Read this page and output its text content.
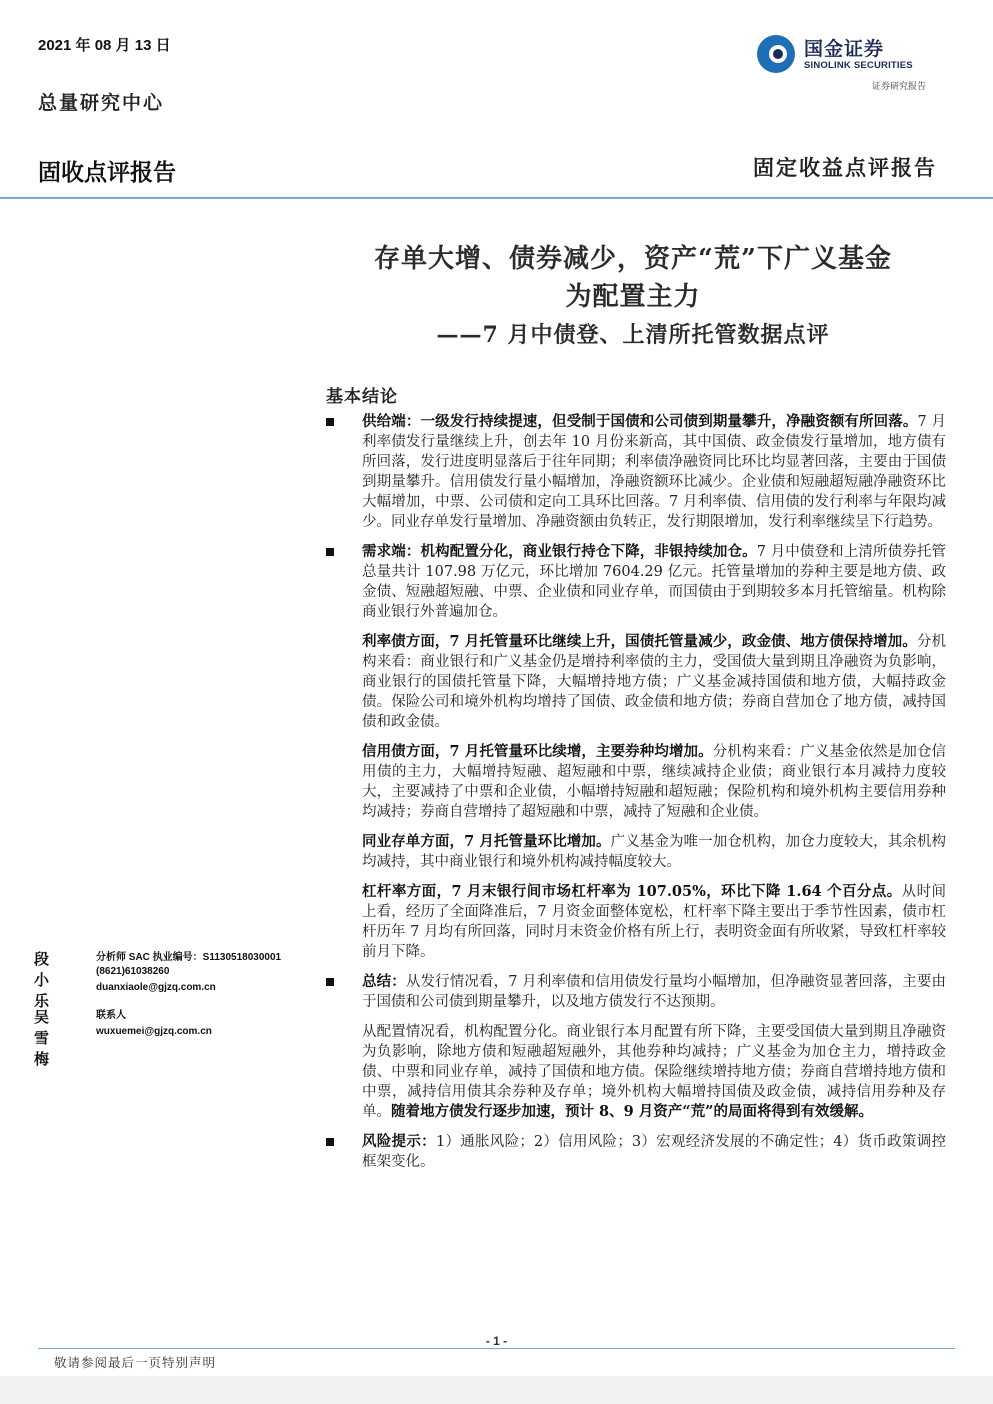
2021 年 08 月 13 日
总量研究中心
国金证券
SINOLINK SECURITIES
证券研究报告
固收点评报告	固定收益点评报告
存单大增、债券减少，资产“荒”下广义基金
为配置主力
——7 月中债登、上清所托管数据点评
基本结论
供给端：一级发行持续提速，但受制于国债和公司债到期量攀升，净融资额有所回落。7 月利率债发行量继续上升，创去年 10 月份来新高，其中国债、政金债发行量增加，地方债有所回落，发行进度明显落后于往年同期；利率债净融资同比环比均显著回落，主要由于国债到期量攀升。信用债发行量小幅增加，净融资额环比减少。企业债和短融超短融净融资环比大幅增加，中票、公司债和定向工具环比回落。7 月利率债、信用债的发行利率与年限均减少。同业存单发行量增加、净融资额由负转正，发行期限增加，发行利率继续呈下行趋势。
需求端：机构配置分化，商业银行持仓下降，非银持续加仓。7 月中债登和上清所债券托管总量共计 107.98 万亿元，环比增加 7604.29 亿元。托管量增加的券种主要是地方债、政金债、短融超短融、中票、企业债和同业存单，而国债由于到期较多本月托管缩量。机构除商业银行外普遍加仓。
利率债方面，7 月托管量环比继续上升，国债托管量减少，政金债、地方债保持增加。分机构来看：商业银行和广义基金仍是增持利率债的主力，受国债大量到期且净融资为负影响，商业银行的国债托管量下降，大幅增持地方债；广义基金减持国债和地方债，大幅持政金债。保险公司和境外机构均增持了国债、政金债和地方债；券商自营加仓了地方债，减持国债和政金债。
信用债方面，7 月托管量环比续增，主要券种均增加。分机构来看：广义基金依然是加仓信用债的主力，大幅增持短融、超短融和中票，继续减持企业债；商业银行本月减持力度较大，主要减持了中票和企业债，小幅增持短融和超短融；保险机构和境外机构主要信用券种均减持；券商自营增持了超短融和中票，减持了短融和企业债。
同业存单方面，7 月托管量环比增加。广义基金为唯一加仓机构，加仓力度较大，其余机构均减持，其中商业银行和境外机构减持幅度较大。
杠杆率方面，7 月末银行间市场杠杆率为 107.05%，环比下降 1.64 个百分点。从时间上看，经历了全面降准后，7 月资金面整体宽松，杠杆率下降主要出于季节性因素，债市杠杆历年 7 月均有所回落，同时月末资金价格有所上行，表明资金面有所收紧，导致杠杆率较前月下降。
总结：从发行情况看，7 月利率债和信用债发行量均小幅增加，但净融资显著回落，主要由于国债和公司债到期量攀升，以及地方债发行不达预期。
从配置情况看，机构配置分化。商业银行本月配置有所下降，主要受国债大量到期且净融资为负影响，除地方债和短融超短融外，其他券种均减持；广义基金为加仓主力，增持政金债、中票和同业存单，减持了国债和地方债。保险继续增持地方债；券商自营增持地方债和中票，减持信用债其余券种及存单；境外机构大幅增持国债及政金债，减持信用券种及存单。随着地方债发行逐步加速，预计 8、9 月资产“荒”的局面将得到有效缓解。
风险提示：1）通胀风险；2）信用风险；3）宏观经济发展的不确定性；4）货币政策调控框架变化。
段小乐
分析师 SAC 执业编号：S1130518030001
(8621)61038260
duanxiaole@gjzq.com.cn
吴雪梅
联系人
wuxuemei@gjzq.com.cn
- 1 -
敬请参阅最后一页特别声明
